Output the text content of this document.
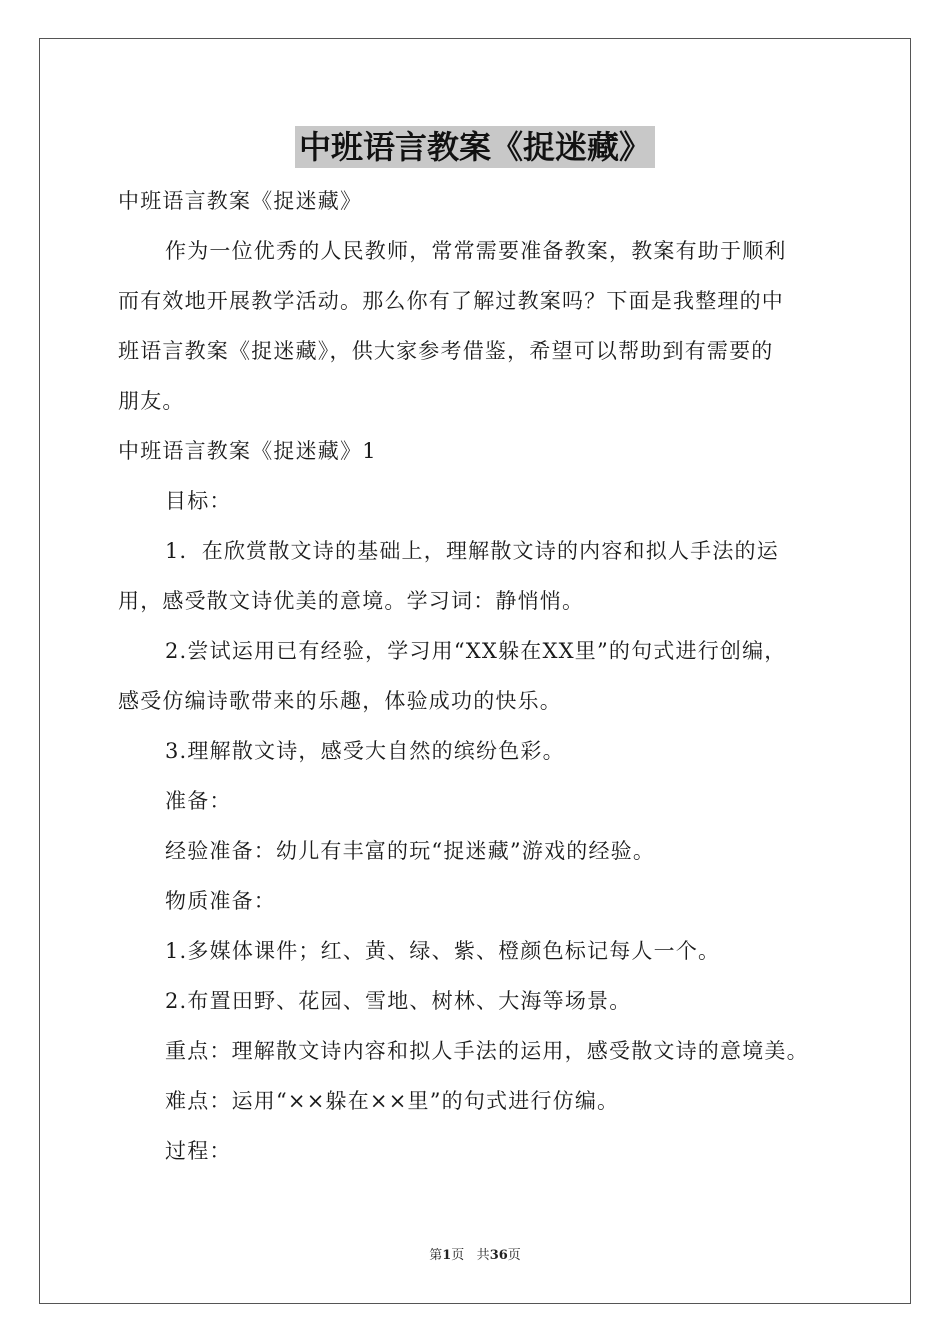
中班语言教案《捉迷藏》
中班语言教案《捉迷藏》
作为一位优秀的人民教师，常常需要准备教案，教案有助于顺利
而有效地开展教学活动。那么你有了解过教案吗？下面是我整理的中
班语言教案《捉迷藏》，供大家参考借鉴，希望可以帮助到有需要的
朋友。
中班语言教案《捉迷藏》1
目标：
1．在欣赏散文诗的基础上，理解散文诗的内容和拟人手法的运
用，感受散文诗优美的意境。学习词：静悄悄。
2.尝试运用已有经验，学习用“XX躲在XX里”的句式进行创编，
感受仿编诗歌带来的乐趣，体验成功的快乐。
3.理解散文诗，感受大自然的缤纷色彩。
准备：
经验准备：幼儿有丰富的玩“捉迷藏”游戏的经验。
物质准备：
1.多媒体课件；红、黄、绿、紫、橙颜色标记每人一个。
2.布置田野、花园、雪地、树林、大海等场景。
重点：理解散文诗内容和拟人手法的运用，感受散文诗的意境美。
难点：运用“××躲在××里”的句式进行仿编。
过程：
第1页 共36页
